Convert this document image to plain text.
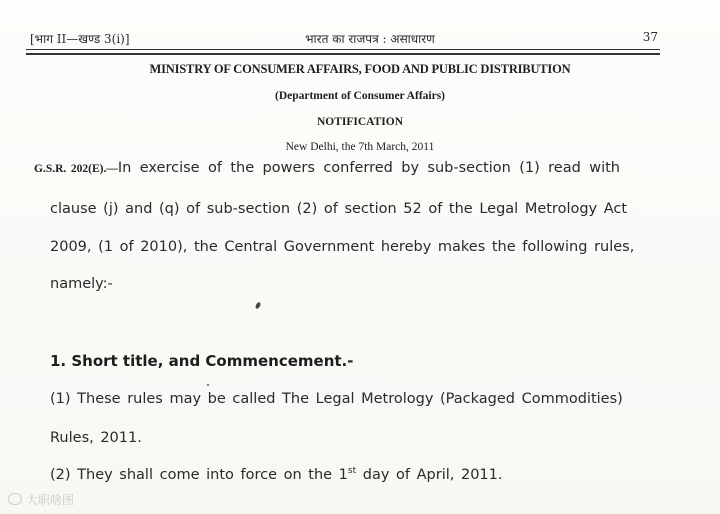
[भाग II—खण्ड 3(i)]	भारत का राजपत्र : असाधारण	37
MINISTRY OF CONSUMER AFFAIRS, FOOD AND PUBLIC DISTRIBUTION
(Department of Consumer Affairs)
NOTIFICATION
New Delhi, the 7th March, 2011
G.S.R. 202(E).—In exercise of the powers conferred by sub-section (1) read with
clause (j) and (q) of sub-section (2) of section 52 of the Legal Metrology Act
2009, (1 of 2010), the Central Government hereby makes the following rules,
namely:-
1. Short title, and Commencement.-
(1) These rules may be called The Legal Metrology (Packaged Commodities)
Rules, 2011.
(2) They shall come into force on the 1st day of April, 2011.
大职啥图
